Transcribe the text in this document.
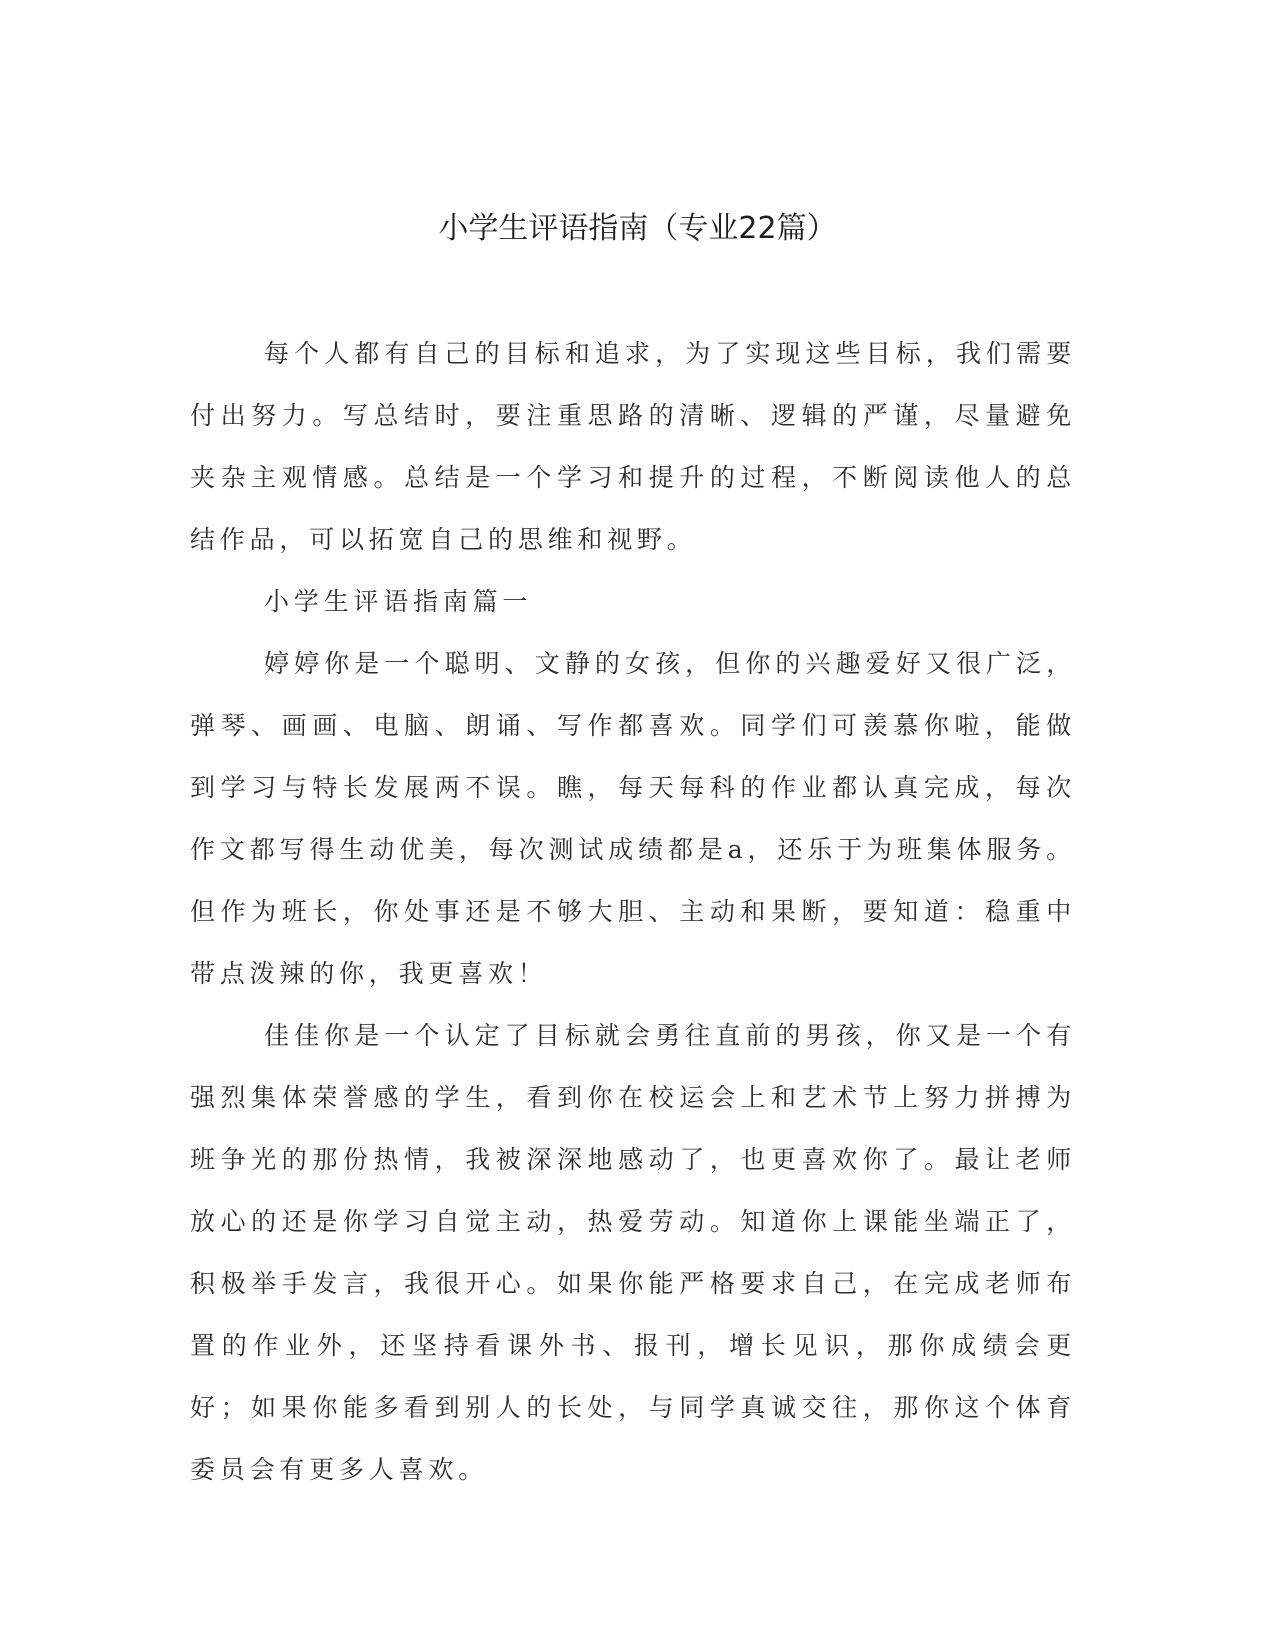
小学生评语指南（专业22篇）

每个人都有自己的目标和追求，为了实现这些目标，我们需要付出努力。写总结时，要注重思路的清晰、逻辑的严谨，尽量避免夹杂主观情感。总结是一个学习和提升的过程，不断阅读他人的总结作品，可以拓宽自己的思维和视野。

小学生评语指南篇一

婷婷你是一个聪明、文静的女孩，但你的兴趣爱好又很广泛，弹琴、画画、电脑、朗诵、写作都喜欢。同学们可羡慕你啦，能做到学习与特长发展两不误。瞧，每天每科的作业都认真完成，每次作文都写得生动优美，每次测试成绩都是a，还乐于为班集体服务。但作为班长，你处事还是不够大胆、主动和果断，要知道：稳重中带点泼辣的你，我更喜欢！

佳佳你是一个认定了目标就会勇往直前的男孩，你又是一个有强烈集体荣誉感的学生，看到你在校运会上和艺术节上努力拼搏为班争光的那份热情，我被深深地感动了，也更喜欢你了。最让老师放心的还是你学习自觉主动，热爱劳动。知道你上课能坐端正了，积极举手发言，我很开心。如果你能严格要求自己，在完成老师布置的作业外，还坚持看课外书、报刊，增长见识，那你成绩会更好；如果你能多看到别人的长处，与同学真诚交往，那你这个体育委员会有更多人喜欢。
